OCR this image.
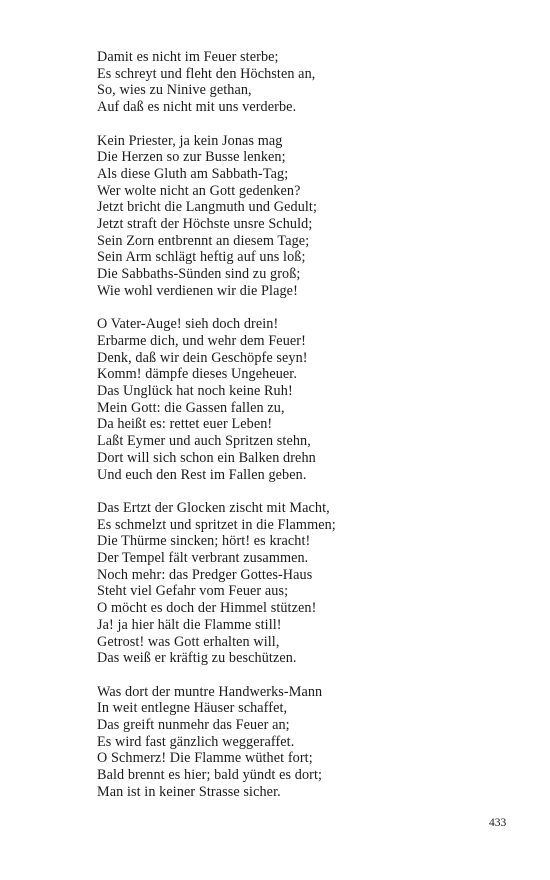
Damit es nicht im Feuer sterbe;
Es schreyt und fleht den Höchsten an,
So, wies zu Ninive gethan,
Auf daß es nicht mit uns verderbe.
Kein Priester, ja kein Jonas mag
Die Herzen so zur Busse lenken;
Als diese Gluth am Sabbath-Tag;
Wer wolte nicht an Gott gedenken?
Jetzt bricht die Langmuth und Gedult;
Jetzt straft der Höchste unsre Schuld;
Sein Zorn entbrennt an diesem Tage;
Sein Arm schlägt heftig auf uns loß;
Die Sabbaths-Sünden sind zu groß;
Wie wohl verdienen wir die Plage!
O Vater-Auge! sieh doch drein!
Erbarme dich, und wehr dem Feuer!
Denk, daß wir dein Geschöpfe seyn!
Komm! dämpfe dieses Ungeheuer.
Das Unglück hat noch keine Ruh!
Mein Gott: die Gassen fallen zu,
Da heißt es: rettet euer Leben!
Laßt Eymer und auch Spritzen stehn,
Dort will sich schon ein Balken drehn
Und euch den Rest im Fallen geben.
Das Ertzt der Glocken zischt mit Macht,
Es schmelzt und spritzet in die Flammen;
Die Thürme sincken; hört! es kracht!
Der Tempel fält verbrant zusammen.
Noch mehr: das Predger Gottes-Haus
Steht viel Gefahr vom Feuer aus;
O möcht es doch der Himmel stützen!
Ja! ja hier hält die Flamme still!
Getrost! was Gott erhalten will,
Das weiß er kräftig zu beschützen.
Was dort der muntre Handwerks-Mann
In weit entlegne Häuser schaffet,
Das greift nunmehr das Feuer an;
Es wird fast gänzlich weggeraffet.
O Schmerz! Die Flamme wüthet fort;
Bald brennt es hier; bald yündt es dort;
Man ist in keiner Strasse sicher.
433
